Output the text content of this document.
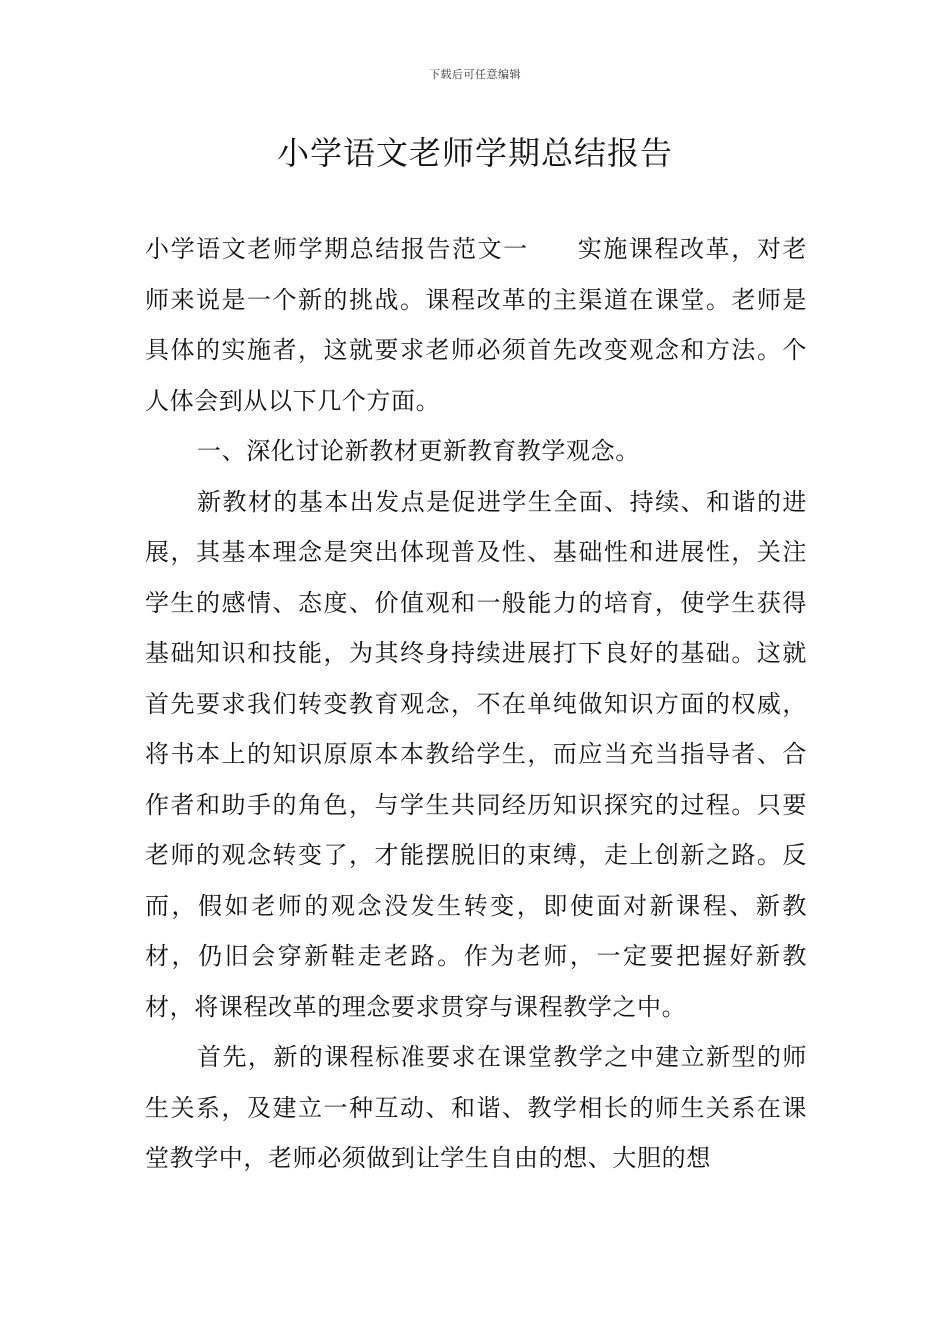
下载后可任意编辑
小学语文老师学期总结报告

小学语文老师学期总结报告范文一 实施课程改革，对老师来说是一个新的挑战。课程改革的主渠道在课堂。老师是具体的实施者，这就要求老师必须首先改变观念和方法。个人体会到从以下几个方面。

一、深化讨论新教材更新教育教学观念。

新教材的基本出发点是促进学生全面、持续、和谐的进展，其基本理念是突出体现普及性、基础性和进展性，关注学生的感情、态度、价值观和一般能力的培育，使学生获得基础知识和技能，为其终身持续进展打下良好的基础。这就首先要求我们转变教育观念，不在单纯做知识方面的权威，将书本上的知识原原本本教给学生，而应当充当指导者、合作者和助手的角色，与学生共同经历知识探究的过程。只要老师的观念转变了，才能摆脱旧的束缚，走上创新之路。反而，假如老师的观念没发生转变，即使面对新课程、新教材，仍旧会穿新鞋走老路。作为老师，一定要把握好新教材，将课程改革的理念要求贯穿与课程教学之中。

首先，新的课程标准要求在课堂教学之中建立新型的师生关系，及建立一种互动、和谐、教学相长的师生关系在课堂教学中，老师必须做到让学生自由的想、大胆的想
